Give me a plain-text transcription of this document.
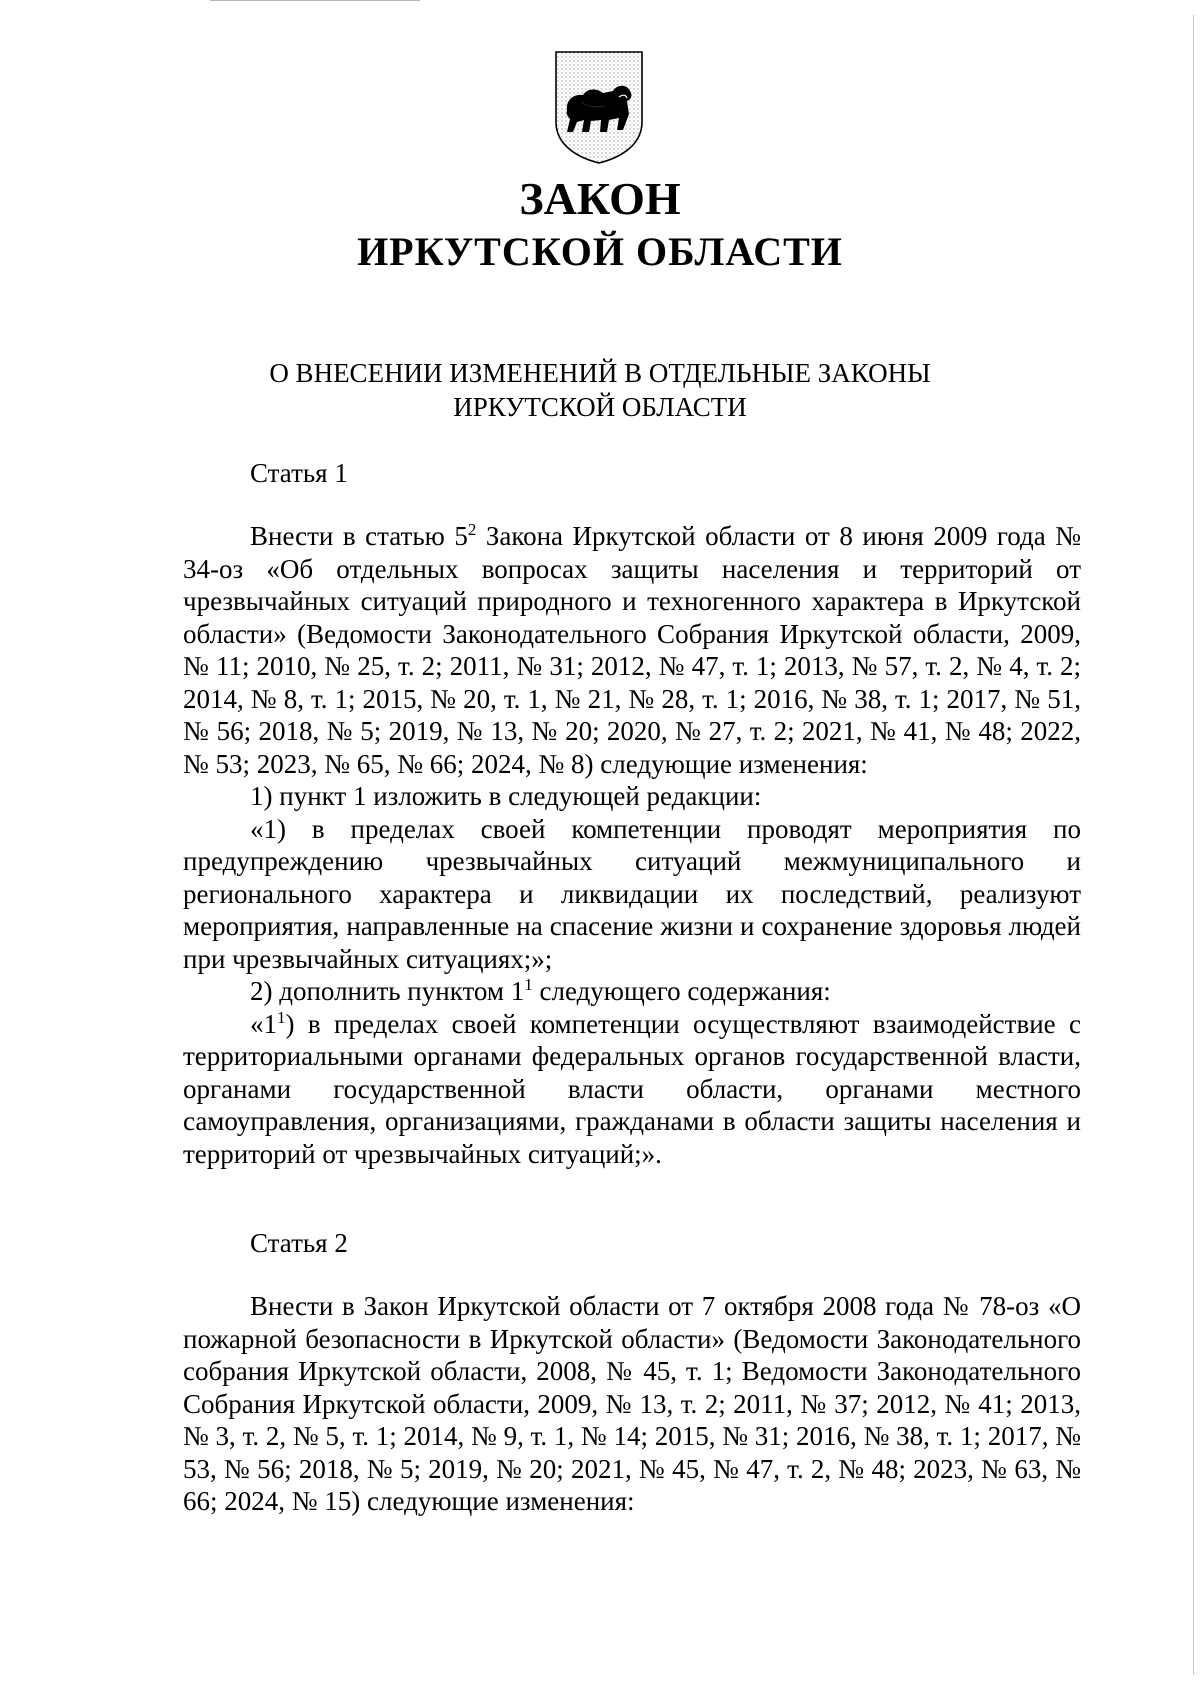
ЗАКОН
ИРКУТСКОЙ ОБЛАСТИ

О ВНЕСЕНИИ ИЗМЕНЕНИЙ В ОТДЕЛЬНЫЕ ЗАКОНЫ

ИРКУТСКОЙ ОБЛАСТИ

Статья 1

Внести в статью $5^2$ Закона Иркутской области от 8 июня 2009 года № 34-оз «Об отдельных вопросах защиты населения и территорий от чрезвычайных ситуаций природного и техногенного характера в Иркутской области» (Ведомости Законодательного Собрания Иркутской области, 2009, № 11; 2010, № 25, т. 2; 2011, № 31; 2012, № 47, т. 1; 2013, № 57, т. 2, № 4, т. 2; 2014, № 8, т. 1; 2015, № 20, т. 1, № 21, № 28, т. 1; 2016, № 38, т. 1; 2017, № 51, № 56; 2018, № 5; 2019, № 13, № 20; 2020, № 27, т. 2; 2021, № 41, № 48; 2022, № 53; 2023, № 65, № 66; 2024, № 8) следующие изменения:

1) пункт 1 изложить в следующей редакции:

«1) в пределах своей компетенции проводят мероприятия по предупреждению чрезвычайных ситуаций межмуниципального и регионального характера и ликвидации их последствий, реализуют мероприятия, направленные на спасение жизни и сохранение здоровья людей при чрезвычайных ситуациях;»;

2) дополнить пунктом $1^1$ следующего содержания:

«$1^1$) в пределах своей компетенции осуществляют взаимодействие с территориальными органами федеральных органов государственной власти, органами государственной власти области, органами местного самоуправления, организациями, гражданами в области защиты населения и территорий от чрезвычайных ситуаций;».

Статья 2

Внести в Закон Иркутской области от 7 октября 2008 года № 78-оз «О пожарной безопасности в Иркутской области» (Ведомости Законодательного собрания Иркутской области, 2008, № 45, т. 1; Ведомости Законодательного Собрания Иркутской области, 2009, № 13, т. 2; 2011, № 37; 2012, № 41; 2013, № 3, т. 2, № 5, т. 1; 2014, № 9, т. 1, № 14; 2015, № 31; 2016, № 38, т. 1; 2017, № 53, № 56; 2018, № 5; 2019, № 20; 2021, № 45, № 47, т. 2, № 48; 2023, № 63, № 66; 2024, № 15) следующие изменения:
